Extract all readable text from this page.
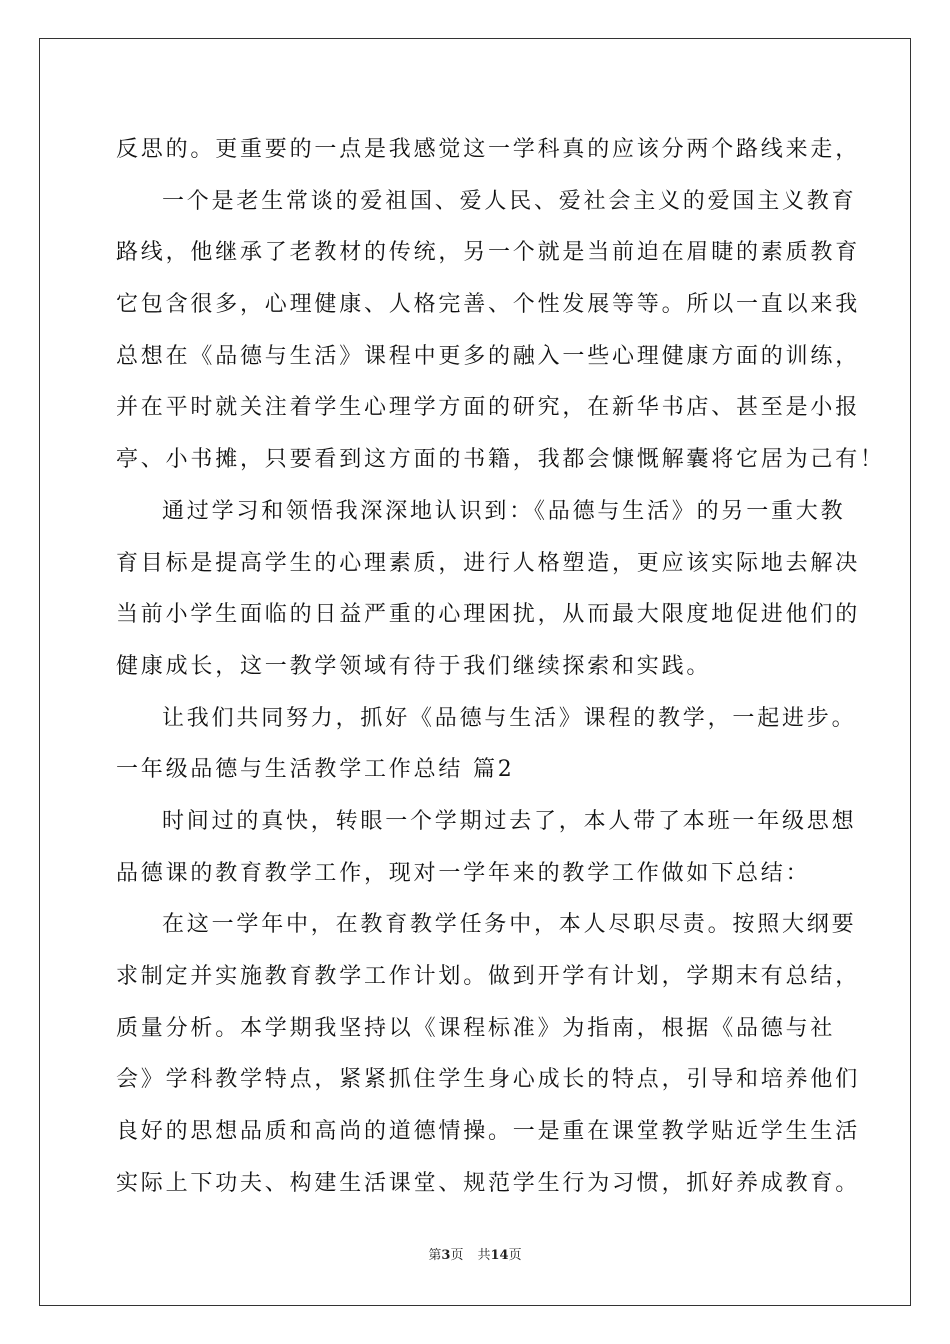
反思的。更重要的一点是我感觉这一学科真的应该分两个路线来走，
一个是老生常谈的爱祖国、爱人民、爱社会主义的爱国主义教育
路线，他继承了老教材的传统，另一个就是当前迫在眉睫的素质教育
它包含很多，心理健康、人格完善、个性发展等等。所以一直以来我
总想在《品德与生活》课程中更多的融入一些心理健康方面的训练，
并在平时就关注着学生心理学方面的研究，在新华书店、甚至是小报
亭、小书摊，只要看到这方面的书籍，我都会慷慨解囊将它居为己有！
通过学习和领悟我深深地认识到：《品德与生活》的另一重大教
育目标是提高学生的心理素质，进行人格塑造，更应该实际地去解决
当前小学生面临的日益严重的心理困扰，从而最大限度地促进他们的
健康成长，这一教学领域有待于我们继续探索和实践。
让我们共同努力，抓好《品德与生活》课程的教学，一起进步。
一年级品德与生活教学工作总结 篇2
时间过的真快，转眼一个学期过去了，本人带了本班一年级思想
品德课的教育教学工作，现对一学年来的教学工作做如下总结：
在这一学年中，在教育教学任务中，本人尽职尽责。按照大纲要
求制定并实施教育教学工作计划。做到开学有计划，学期末有总结，
质量分析。本学期我坚持以《课程标准》为指南，根据《品德与社
会》学科教学特点，紧紧抓住学生身心成长的特点，引导和培养他们
良好的思想品质和高尚的道德情操。一是重在课堂教学贴近学生生活
实际上下功夫、构建生活课堂、规范学生行为习惯，抓好养成教育。
第3页 共14页
